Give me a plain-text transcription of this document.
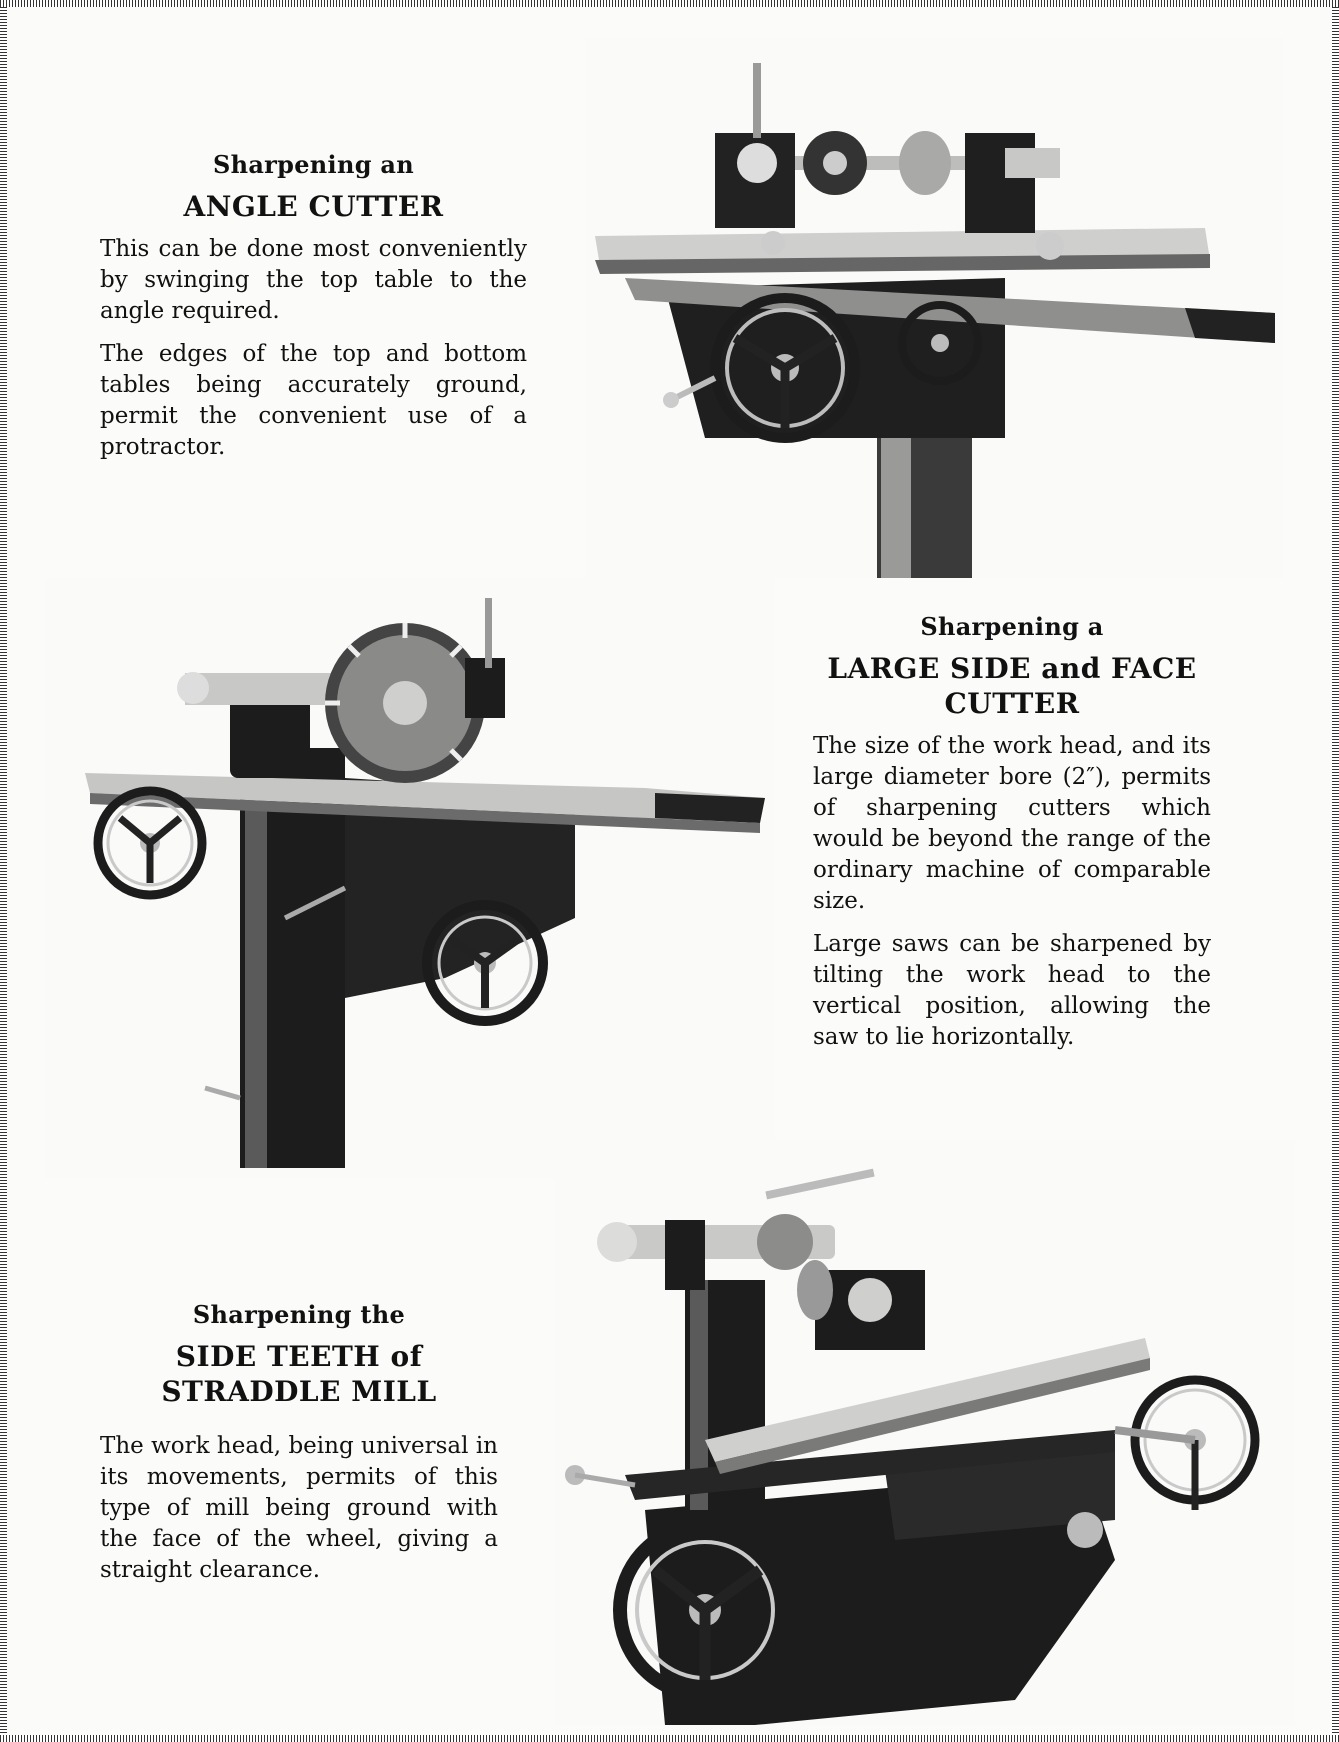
Sharpening an
ANGLE CUTTER

This can be done most conveniently by swinging the top table to the angle required.

The edges of the top and bottom tables being accurately ground, permit the convenient use of a protractor.

Sharpening a
LARGE SIDE and FACE CUTTER

The size of the work head, and its large diameter bore (2″), permits of sharpening cutters which would be beyond the range of the ordinary machine of comparable size.

Large saws can be sharpened by tilting the work head to the vertical position, allowing the saw to lie horizontally.

Sharpening the
SIDE TEETH of STRADDLE MILL

The work head, being universal in its movements, permits of this type of mill being ground with the face of the wheel, giving a straight clearance.
